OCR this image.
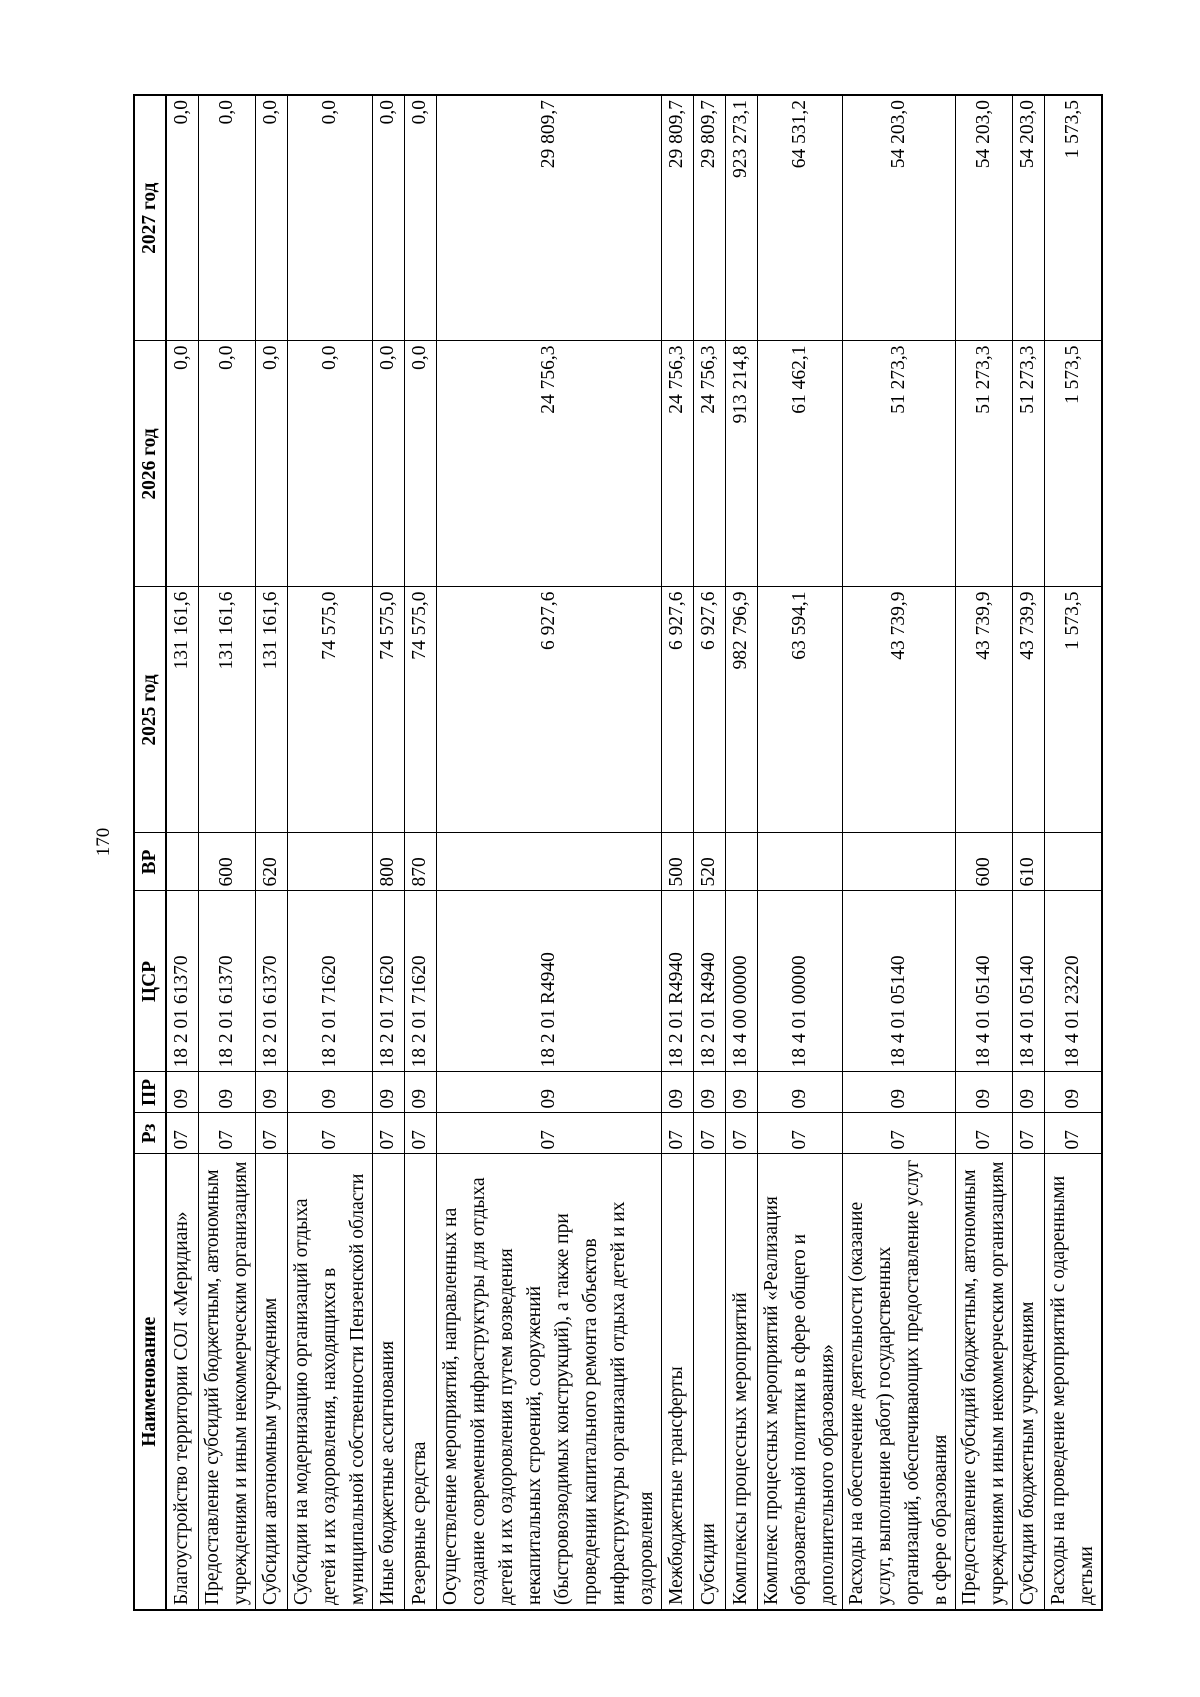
170
Наименование	Рз	ПР	ЦСР	ВР	2025 год	2026 год	2027 год
Благоустройство территории СОЛ «Меридиан»	07	09	18 2 01 61370		131 161,6	0,0	0,0
Предоставление субсидий бюджетным, автономным учреждениям и иным некоммерческим организациям	07	09	18 2 01 61370	600	131 161,6	0,0	0,0
Субсидии автономным учреждениям	07	09	18 2 01 61370	620	131 161,6	0,0	0,0
Субсидии на модернизацию организаций отдыха детей и их оздоровления, находящихся в муниципальной собственности Пензенской области	07	09	18 2 01 71620		74 575,0	0,0	0,0
Иные бюджетные ассигнования	07	09	18 2 01 71620	800	74 575,0	0,0	0,0
Резервные средства	07	09	18 2 01 71620	870	74 575,0	0,0	0,0
Осуществление мероприятий, направленных на создание современной инфраструктуры для отдыха детей и их оздоровления путем возведения некапитальных строений, сооружений (быстровозводимых конструкций), а также при проведении капитального ремонта объектов инфраструктуры организаций отдыха детей и их оздоровления	07	09	18 2 01 R4940		6 927,6	24 756,3	29 809,7
Межбюджетные трансферты	07	09	18 2 01 R4940	500	6 927,6	24 756,3	29 809,7
Субсидии	07	09	18 2 01 R4940	520	6 927,6	24 756,3	29 809,7
Комплексы процессных мероприятий	07	09	18 4 00 00000		982 796,9	913 214,8	923 273,1
Комплекс процессных мероприятий «Реализация образовательной политики в сфере общего и дополнительного образования»	07	09	18 4 01 00000		63 594,1	61 462,1	64 531,2
Расходы на обеспечение деятельности (оказание услуг, выполнение работ) государственных организаций, обеспечивающих предоставление услуг в сфере образования	07	09	18 4 01 05140		43 739,9	51 273,3	54 203,0
Предоставление субсидий бюджетным, автономным учреждениям и иным некоммерческим организациям	07	09	18 4 01 05140	600	43 739,9	51 273,3	54 203,0
Субсидии бюджетным учреждениям	07	09	18 4 01 05140	610	43 739,9	51 273,3	54 203,0
Расходы на проведение мероприятий с одаренными детьми	07	09	18 4 01 23220		1 573,5	1 573,5	1 573,5
